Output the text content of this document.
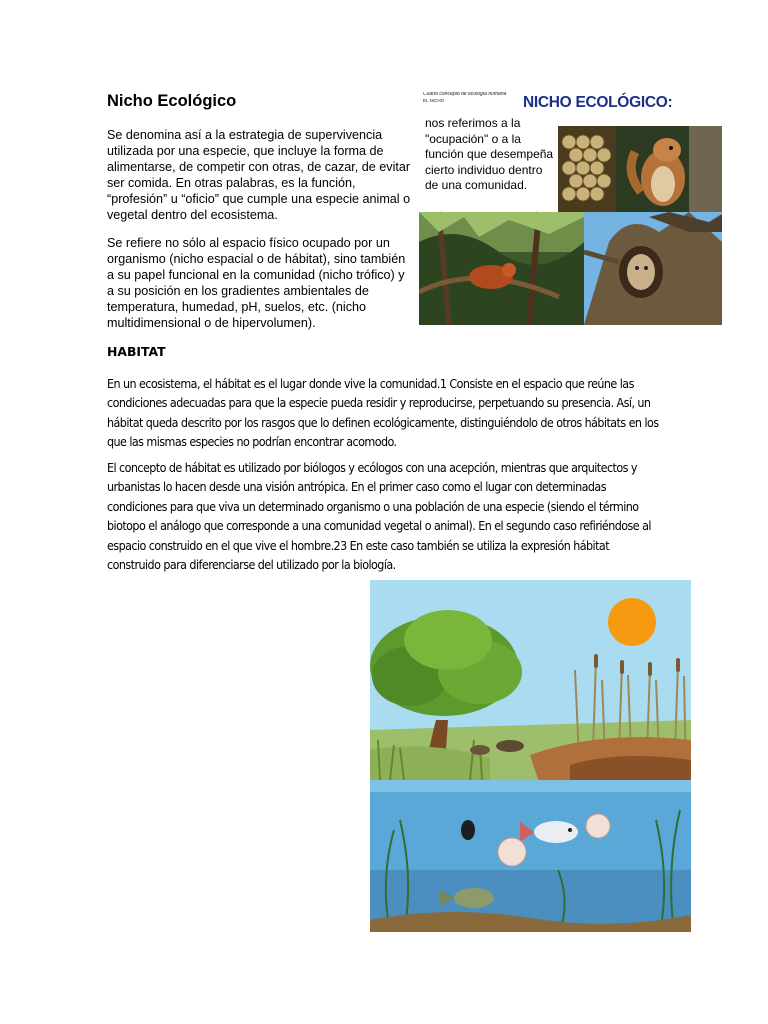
Nicho Ecológico

Se denomina así a la estrategia de supervivencia utilizada por una especie, que incluye la forma de alimentarse, de competir con otras, de cazar, de evitar ser comida. En otras palabras, es la función, “profesión” u “oficio” que cumple una especie animal o vegetal dentro del ecosistema.

Se refiere no sólo al espacio físico ocupado por un organismo (nicho espacial o de hábitat), sino también a su papel funcional en la comunidad (nicho trófico) y a su posición en los gradientes ambientales de temperatura, humedad, pH, suelos, etc. (nicho multidimensional o de hipervolumen).

Cuarto concepto de ecología humana
EL NICHO	NICHO ECOLÓGICO:

nos referimos a la "ocupación" o a la función que desempeña cierto individuo dentro de una comunidad.

HABITAT

En un ecosistema, el hábitat es el lugar donde vive la comunidad.1 Consiste en el espacio que reúne las condiciones adecuadas para que la especie pueda residir y reproducirse, perpetuando su presencia. Así, un hábitat queda descrito por los rasgos que lo definen ecológicamente, distinguiéndolo de otros hábitats en los que las mismas especies no podrían encontrar acomodo.

El concepto de hábitat es utilizado por biólogos y ecólogos con una acepción, mientras que arquitectos y urbanistas lo hacen desde una visión antrópica. En el primer caso como el lugar con determinadas condiciones para que viva un determinado organismo o una población de una especie (siendo el término biotopo el análogo que corresponde a una comunidad vegetal o animal). En el segundo caso refiriéndose al espacio construido en el que vive el hombre.23 En este caso también se utiliza la expresión hábitat construido para diferenciarse del utilizado por la biología.
